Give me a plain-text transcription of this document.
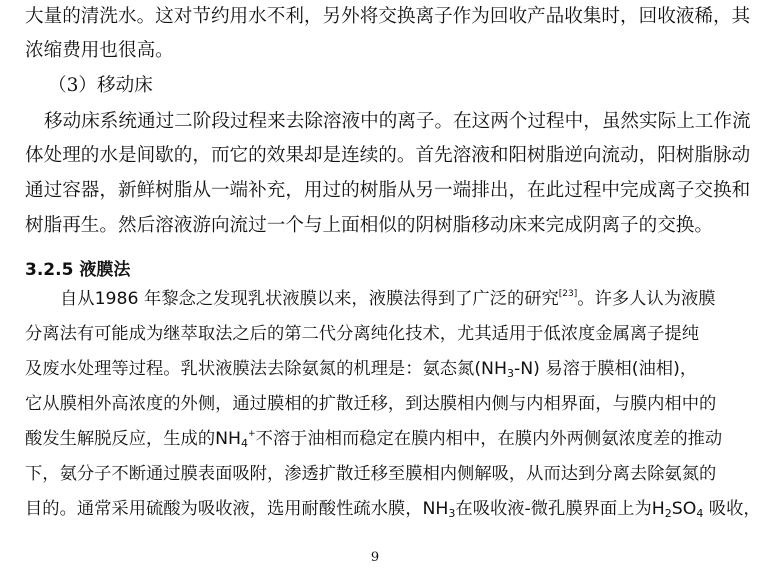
大量的清洗水。这对节约用水不利，另外将交换离子作为回收产品收集时，回收液稀，其
浓缩费用也很高。
（3）移动床
移动床系统通过二阶段过程来去除溶液中的离子。在这两个过程中，虽然实际上工作流
体处理的水是间歇的，而它的效果却是连续的。首先溶液和阳树脂逆向流动，阳树脂脉动
通过容器，新鲜树脂从一端补充，用过的树脂从另一端排出，在此过程中完成离子交换和
树脂再生。然后溶液游向流过一个与上面相似的阴树脂移动床来完成阴离子的交换。
3.2.5 液膜法
自从1986 年黎念之发现乳状液膜以来，液膜法得到了广泛的研究[23]。许多人认为液膜
分离法有可能成为继萃取法之后的第二代分离纯化技术，尤其适用于低浓度金属离子提纯
及废水处理等过程。乳状液膜法去除氨氮的机理是：氨态氮$(NH_3-N)$ 易溶于膜相(油相)，
它从膜相外高浓度的外侧，通过膜相的扩散迁移，到达膜相内侧与内相界面，与膜内相中的
酸发生解脱反应，生成的$NH_4^+$不溶于油相而稳定在膜内相中，在膜内外两侧氨浓度差的推动
下，氨分子不断通过膜表面吸附，渗透扩散迁移至膜相内侧解吸，从而达到分离去除氨氮的
目的。通常采用硫酸为吸收液，选用耐酸性疏水膜，$NH_3$在吸收液-微孔膜界面上为$H_2SO_4$ 吸收，
9
